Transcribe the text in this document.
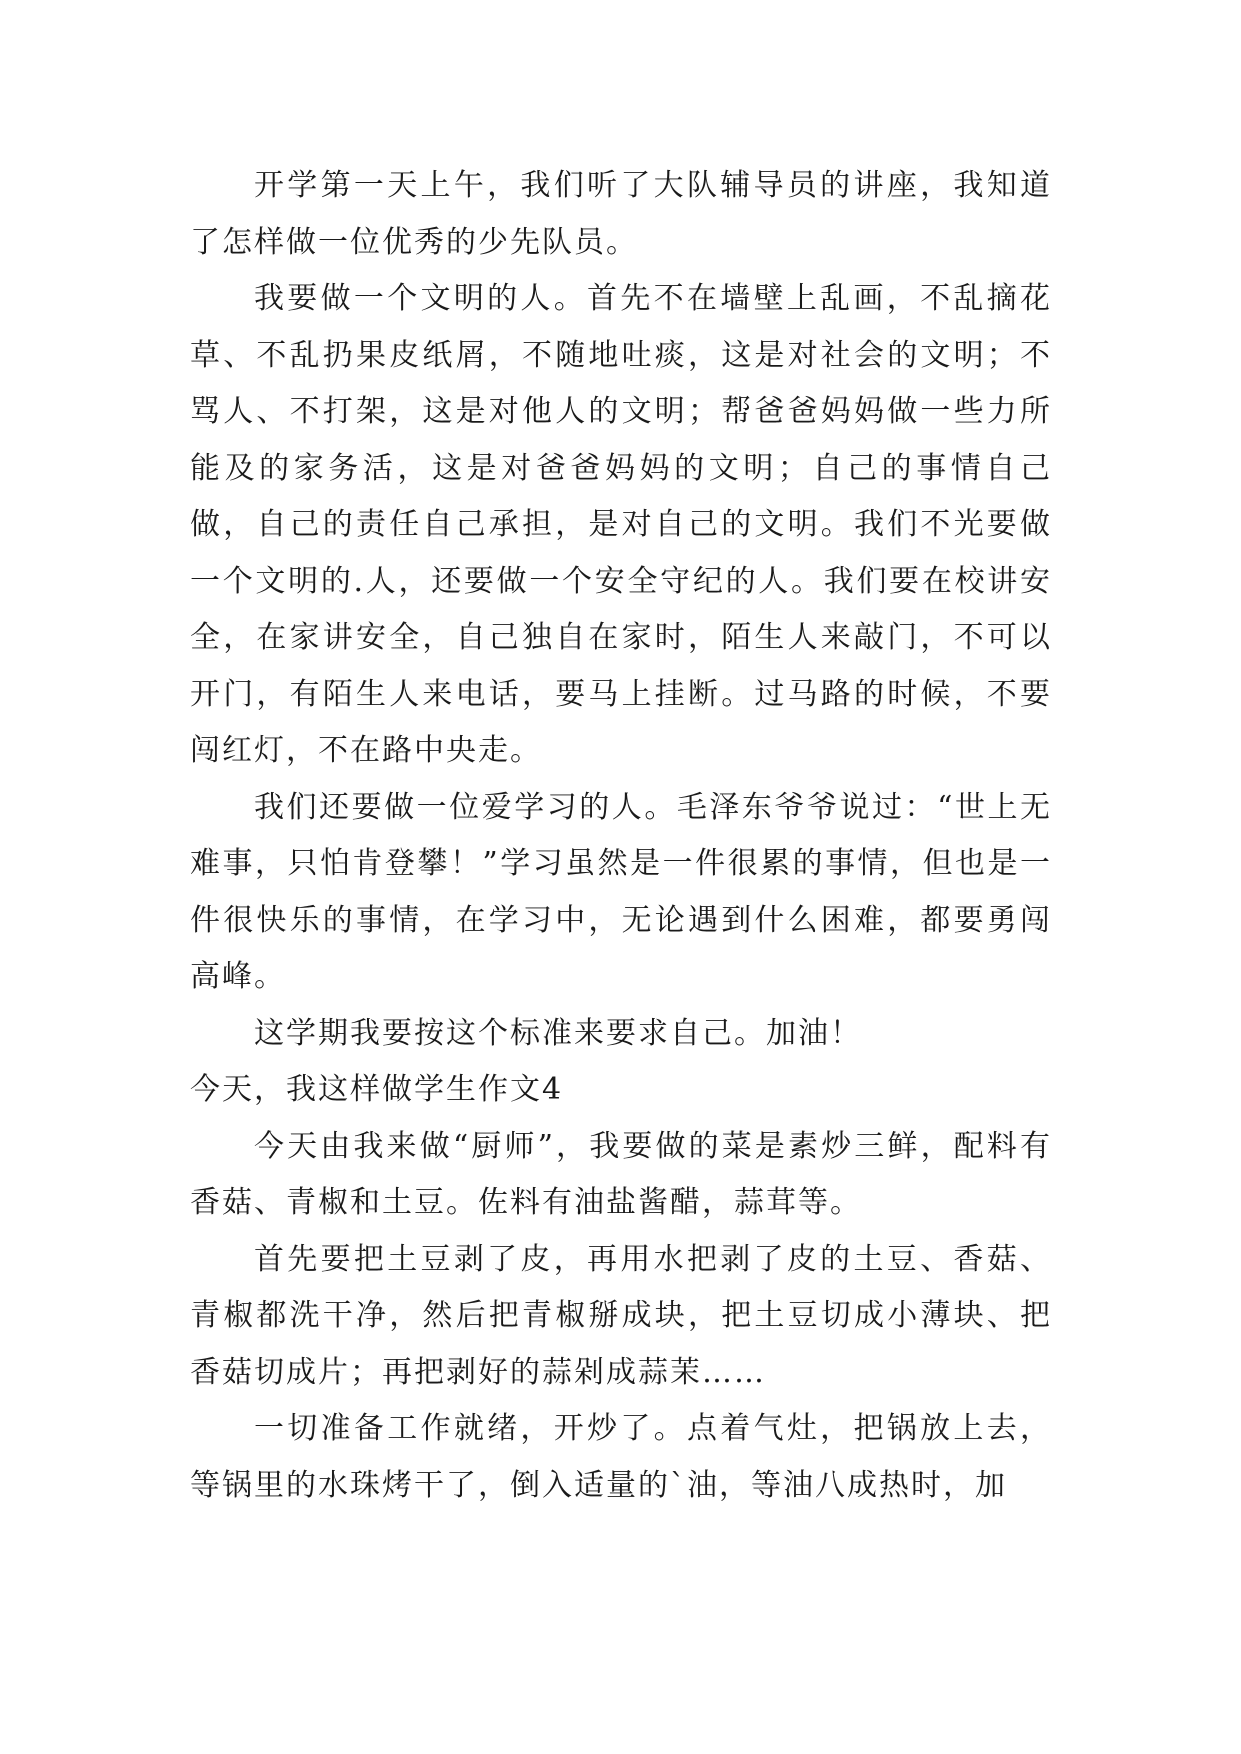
开学第一天上午，我们听了大队辅导员的讲座，我知道了怎样做一位优秀的少先队员。

我要做一个文明的人。首先不在墙壁上乱画，不乱摘花草、不乱扔果皮纸屑，不随地吐痰，这是对社会的文明；不骂人、不打架，这是对他人的文明；帮爸爸妈妈做一些力所能及的家务活，这是对爸爸妈妈的文明；自己的事情自己做，自己的责任自己承担，是对自己的文明。我们不光要做一个文明的.人，还要做一个安全守纪的人。我们要在校讲安全，在家讲安全，自己独自在家时，陌生人来敲门，不可以开门，有陌生人来电话，要马上挂断。过马路的时候，不要闯红灯，不在路中央走。

我们还要做一位爱学习的人。毛泽东爷爷说过：“世上无难事，只怕肯登攀！”学习虽然是一件很累的事情，但也是一件很快乐的事情，在学习中，无论遇到什么困难，都要勇闯高峰。

这学期我要按这个标准来要求自己。加油！

今天，我这样做学生作文4

今天由我来做“厨师”，我要做的菜是素炒三鲜，配料有香菇、青椒和土豆。佐料有油盐酱醋，蒜茸等。

首先要把土豆剥了皮，再用水把剥了皮的土豆、香菇、青椒都洗干净，然后把青椒掰成块，把土豆切成小薄块、把香菇切成片；再把剥好的蒜剁成蒜茉……

一切准备工作就绪，开炒了。点着气灶，把锅放上去，等锅里的水珠烤干了，倒入适量的`油，等油八成热时，加
